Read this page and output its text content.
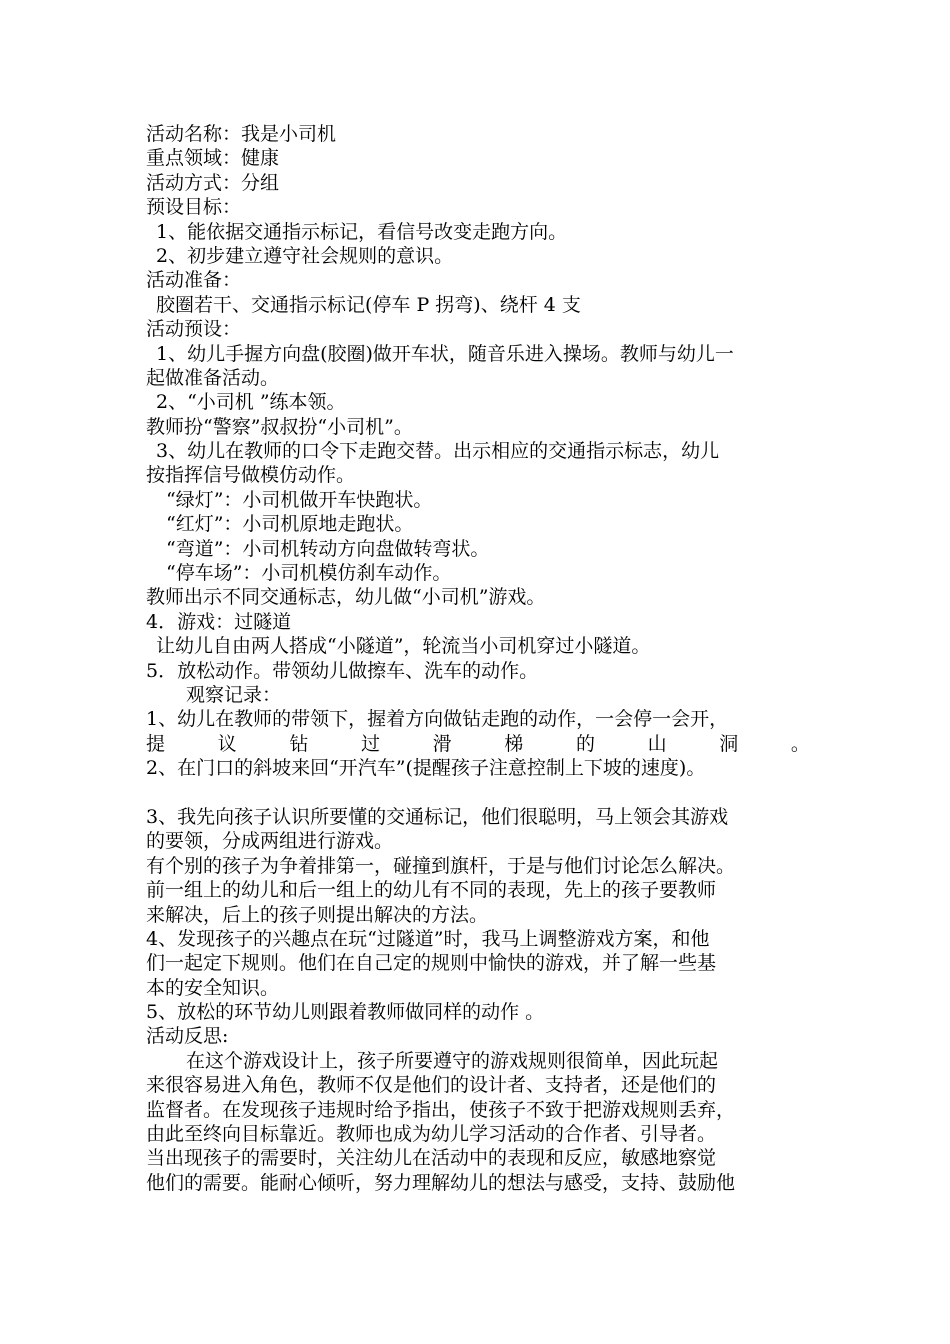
活动名称：我是小司机
重点领域：健康
活动方式：分组
预设目标：
1、能依据交通指示标记，看信号改变走跑方向。
2、初步建立遵守社会规则的意识。
活动准备：
胶圈若干、交通指示标记(停车 P 拐弯)、绕杆 4 支
活动预设：
1、幼儿手握方向盘(胶圈)做开车状，随音乐进入操场。教师与幼儿一
起做准备活动。
2、“小司机 ”练本领。
教师扮“警察”叔叔扮“小司机”。
3、幼儿在教师的口令下走跑交替。出示相应的交通指示标志，幼儿
按指挥信号做模仿动作。
“绿灯”：小司机做开车快跑状。
“红灯”：小司机原地走跑状。
“弯道”：小司机转动方向盘做转弯状。
“停车场”：小司机模仿刹车动作。
教师出示不同交通标志，幼儿做“小司机”游戏。
4．游戏：过隧道
让幼儿自由两人搭成“小隧道”，轮流当小司机穿过小隧道。
5．放松动作。带领幼儿做擦车、洗车的动作。
观察记录：
1、幼儿在教师的带领下，握着方向做钻走跑的动作，一会停一会开，
提	议	钻	过	滑	梯	的	山	洞	。
2、在门口的斜坡来回“开汽车”(提醒孩子注意控制上下坡的速度)。
3、我先向孩子认识所要懂的交通标记，他们很聪明，马上领会其游戏
的要领，分成两组进行游戏。
有个别的孩子为争着排第一，碰撞到旗杆，于是与他们讨论怎么解决。
前一组上的幼儿和后一组上的幼儿有不同的表现，先上的孩子要教师
来解决，后上的孩子则提出解决的方法。
4、发现孩子的兴趣点在玩“过隧道”时，我马上调整游戏方案，和他
们一起定下规则。他们在自己定的规则中愉快的游戏，并了解一些基
本的安全知识。
5、放松的环节幼儿则跟着教师做同样的动作 。
活动反思:
在这个游戏设计上，孩子所要遵守的游戏规则很简单，因此玩起
来很容易进入角色，教师不仅是他们的设计者、支持者，还是他们的
监督者。在发现孩子违规时给予指出，使孩子不致于把游戏规则丢弃，
由此至终向目标靠近。教师也成为幼儿学习活动的合作者、引导者。
当出现孩子的需要时，关注幼儿在活动中的表现和反应，敏感地察觉
他们的需要。能耐心倾听，努力理解幼儿的想法与感受，支持、鼓励他
